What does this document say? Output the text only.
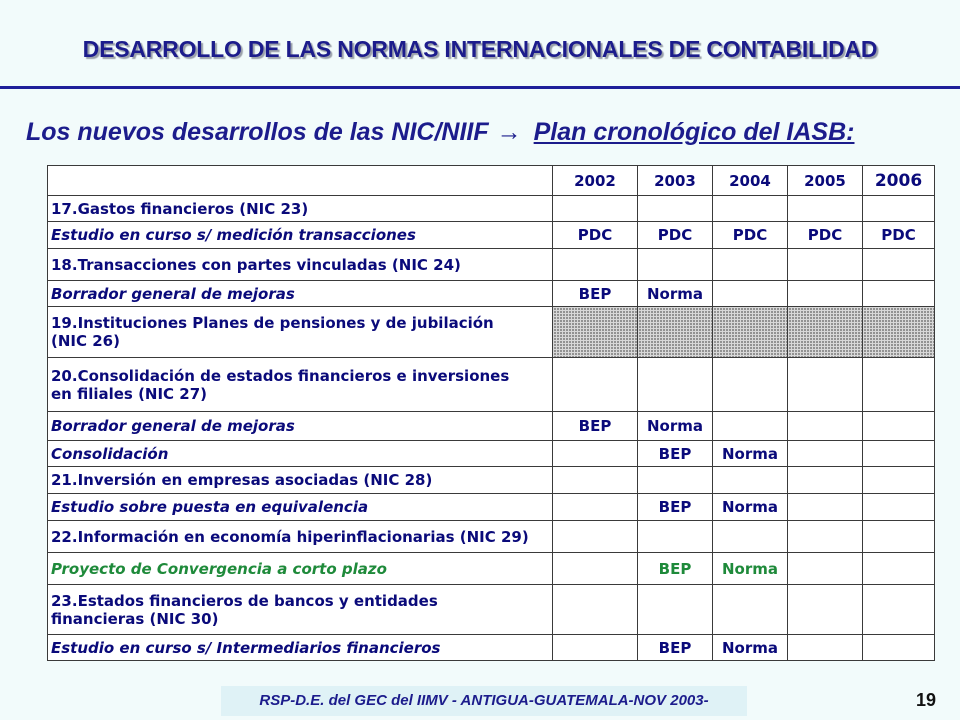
DESARROLLO DE LAS NORMAS INTERNACIONALES DE CONTABILIDAD
Los nuevos desarrollos de las NIC/NIIF → Plan cronológico del IASB:
	2002	2003	2004	2005	2006
17.Gastos financieros (NIC 23)					
Estudio en curso s/ medición transacciones	PDC	PDC	PDC	PDC	PDC
18.Transacciones con partes vinculadas (NIC 24)					
Borrador general de mejoras	BEP	Norma			

19.Instituciones Planes de pensiones y de jubilación
(NIC 26)					

20.Consolidación de estados financieros e inversiones
en filiales (NIC 27)					

Borrador general de mejoras	BEP	Norma			
Consolidación		BEP	Norma		
21.Inversión en empresas asociadas (NIC 28)					
Estudio sobre puesta en equivalencia		BEP	Norma		
22.Información en economía hiperinflacionarias (NIC 29)					
Proyecto de Convergencia a corto plazo		BEP	Norma		

23.Estados financieros de bancos y entidades
financieras (NIC 30)					

Estudio en curso s/ Intermediarios financieros		BEP	Norma		
RSP-D.E. del GEC del IIMV - ANTIGUA-GUATEMALA-NOV 2003-	19
